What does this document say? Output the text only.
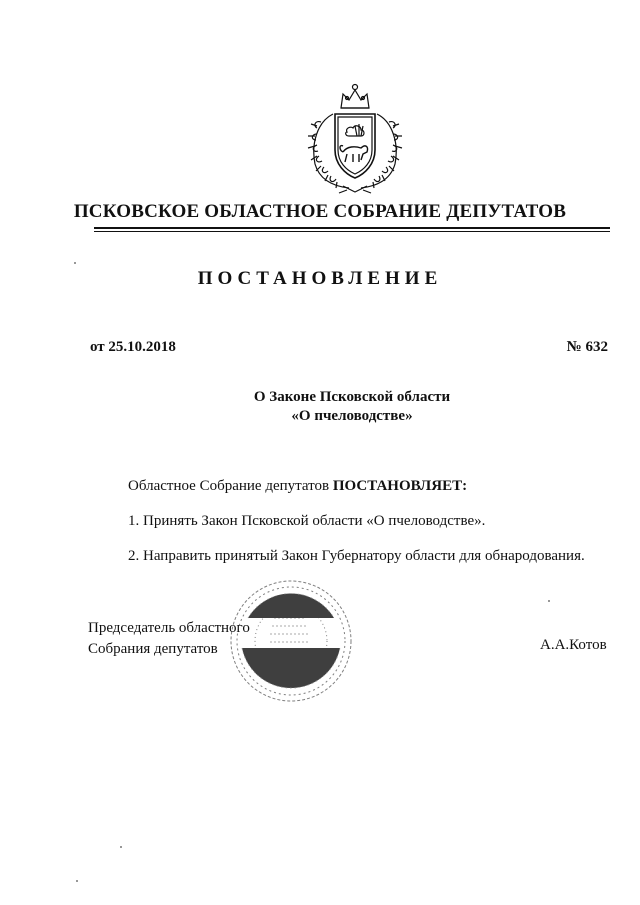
ПСКОВСКОЕ ОБЛАСТНОЕ СОБРАНИЕ ДЕПУТАТОВ
ПОСТАНОВЛЕНИЕ
от 25.10.2018	№ 632
О Законе Псковской области
«О пчеловодстве»
Областное Собрание депутатов ПОСТАНОВЛЯЕТ:
1. Принять Закон Псковской области «О пчеловодстве».
2. Направить принятый Закон Губернатору области для обнародования.
Председатель областного
Собрания депутатов	А.А.Котов
